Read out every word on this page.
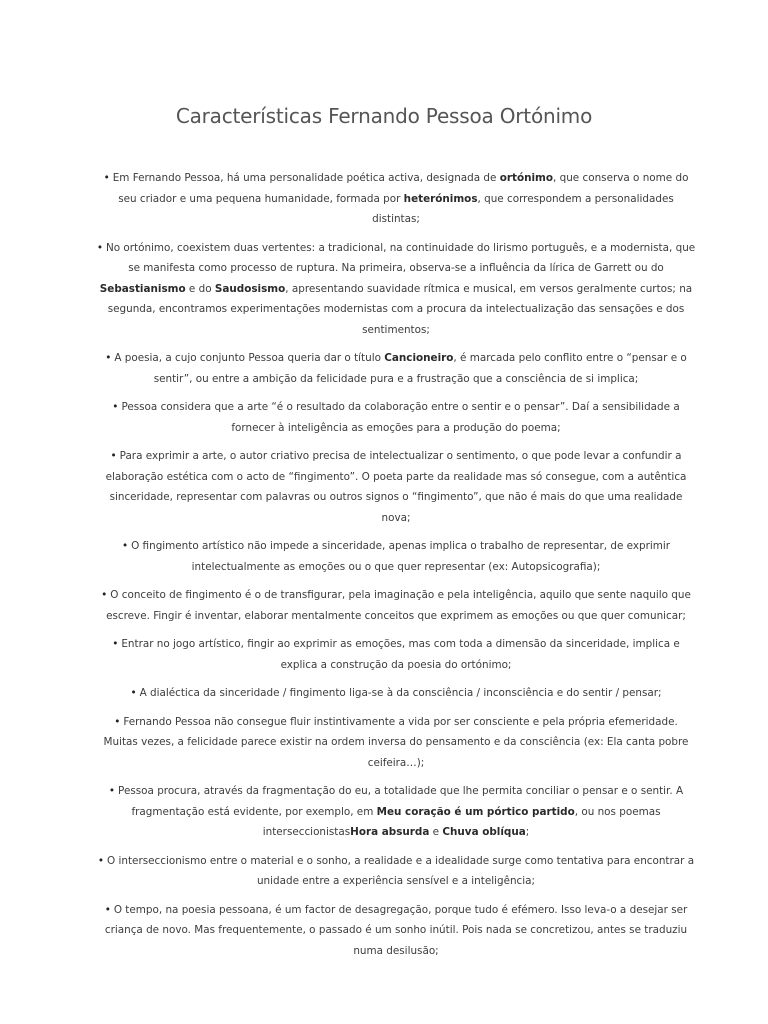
Características Fernando Pessoa Ortónimo
• Em Fernando Pessoa, há uma personalidade poética activa, designada de ortónimo, que conserva o nome do seu criador e uma pequena humanidade, formada por heterónimos, que correspondem a personalidades distintas;
• No ortónimo, coexistem duas vertentes: a tradicional, na continuidade do lirismo português, e a modernista, que se manifesta como processo de ruptura. Na primeira, observa-se a influência da lírica de Garrett ou do Sebastianismo e do Saudosismo, apresentando suavidade rítmica e musical, em versos geralmente curtos; na segunda, encontramos experimentações modernistas com a procura da intelectualização das sensações e dos sentimentos;
• A poesia, a cujo conjunto Pessoa queria dar o título Cancioneiro, é marcada pelo conflito entre o “pensar e o sentir”, ou entre a ambição da felicidade pura e a frustração que a consciência de si implica;
• Pessoa considera que a arte “é o resultado da colaboração entre o sentir e o pensar”. Daí a sensibilidade a fornecer à inteligência as emoções para a produção do poema;
• Para exprimir a arte, o autor criativo precisa de intelectualizar o sentimento, o que pode levar a confundir a elaboração estética com o acto de “fingimento”. O poeta parte da realidade mas só consegue, com a autêntica sinceridade, representar com palavras ou outros signos o “fingimento”, que não é mais do que uma realidade nova;
• O fingimento artístico não impede a sinceridade, apenas implica o trabalho de representar, de exprimir intelectualmente as emoções ou o que quer representar (ex: Autopsicografia);
• O conceito de fingimento é o de transfigurar, pela imaginação e pela inteligência, aquilo que sente naquilo que escreve. Fingir é inventar, elaborar mentalmente conceitos que exprimem as emoções ou que quer comunicar;
• Entrar no jogo artístico, fingir ao exprimir as emoções, mas com toda a dimensão da sinceridade, implica e explica a construção da poesia do ortónimo;
• A dialéctica da sinceridade / fingimento liga-se à da consciência / inconsciência e do sentir / pensar;
• Fernando Pessoa não consegue fluir instintivamente a vida por ser consciente e pela própria efemeridade. Muitas vezes, a felicidade parece existir na ordem inversa do pensamento e da consciência (ex: Ela canta pobre ceifeira…);
• Pessoa procura, através da fragmentação do eu, a totalidade que lhe permita conciliar o pensar e o sentir. A fragmentação está evidente, por exemplo, em Meu coração é um pórtico partido, ou nos poemas interseccionistasHora absurda e Chuva oblíqua;
• O interseccionismo entre o material e o sonho, a realidade e a idealidade surge como tentativa para encontrar a unidade entre a experiência sensível e a inteligência;
• O tempo, na poesia pessoana, é um factor de desagregação, porque tudo é efémero. Isso leva-o a desejar ser criança de novo. Mas frequentemente, o passado é um sonho inútil. Pois nada se concretizou, antes se traduziu numa desilusão;
